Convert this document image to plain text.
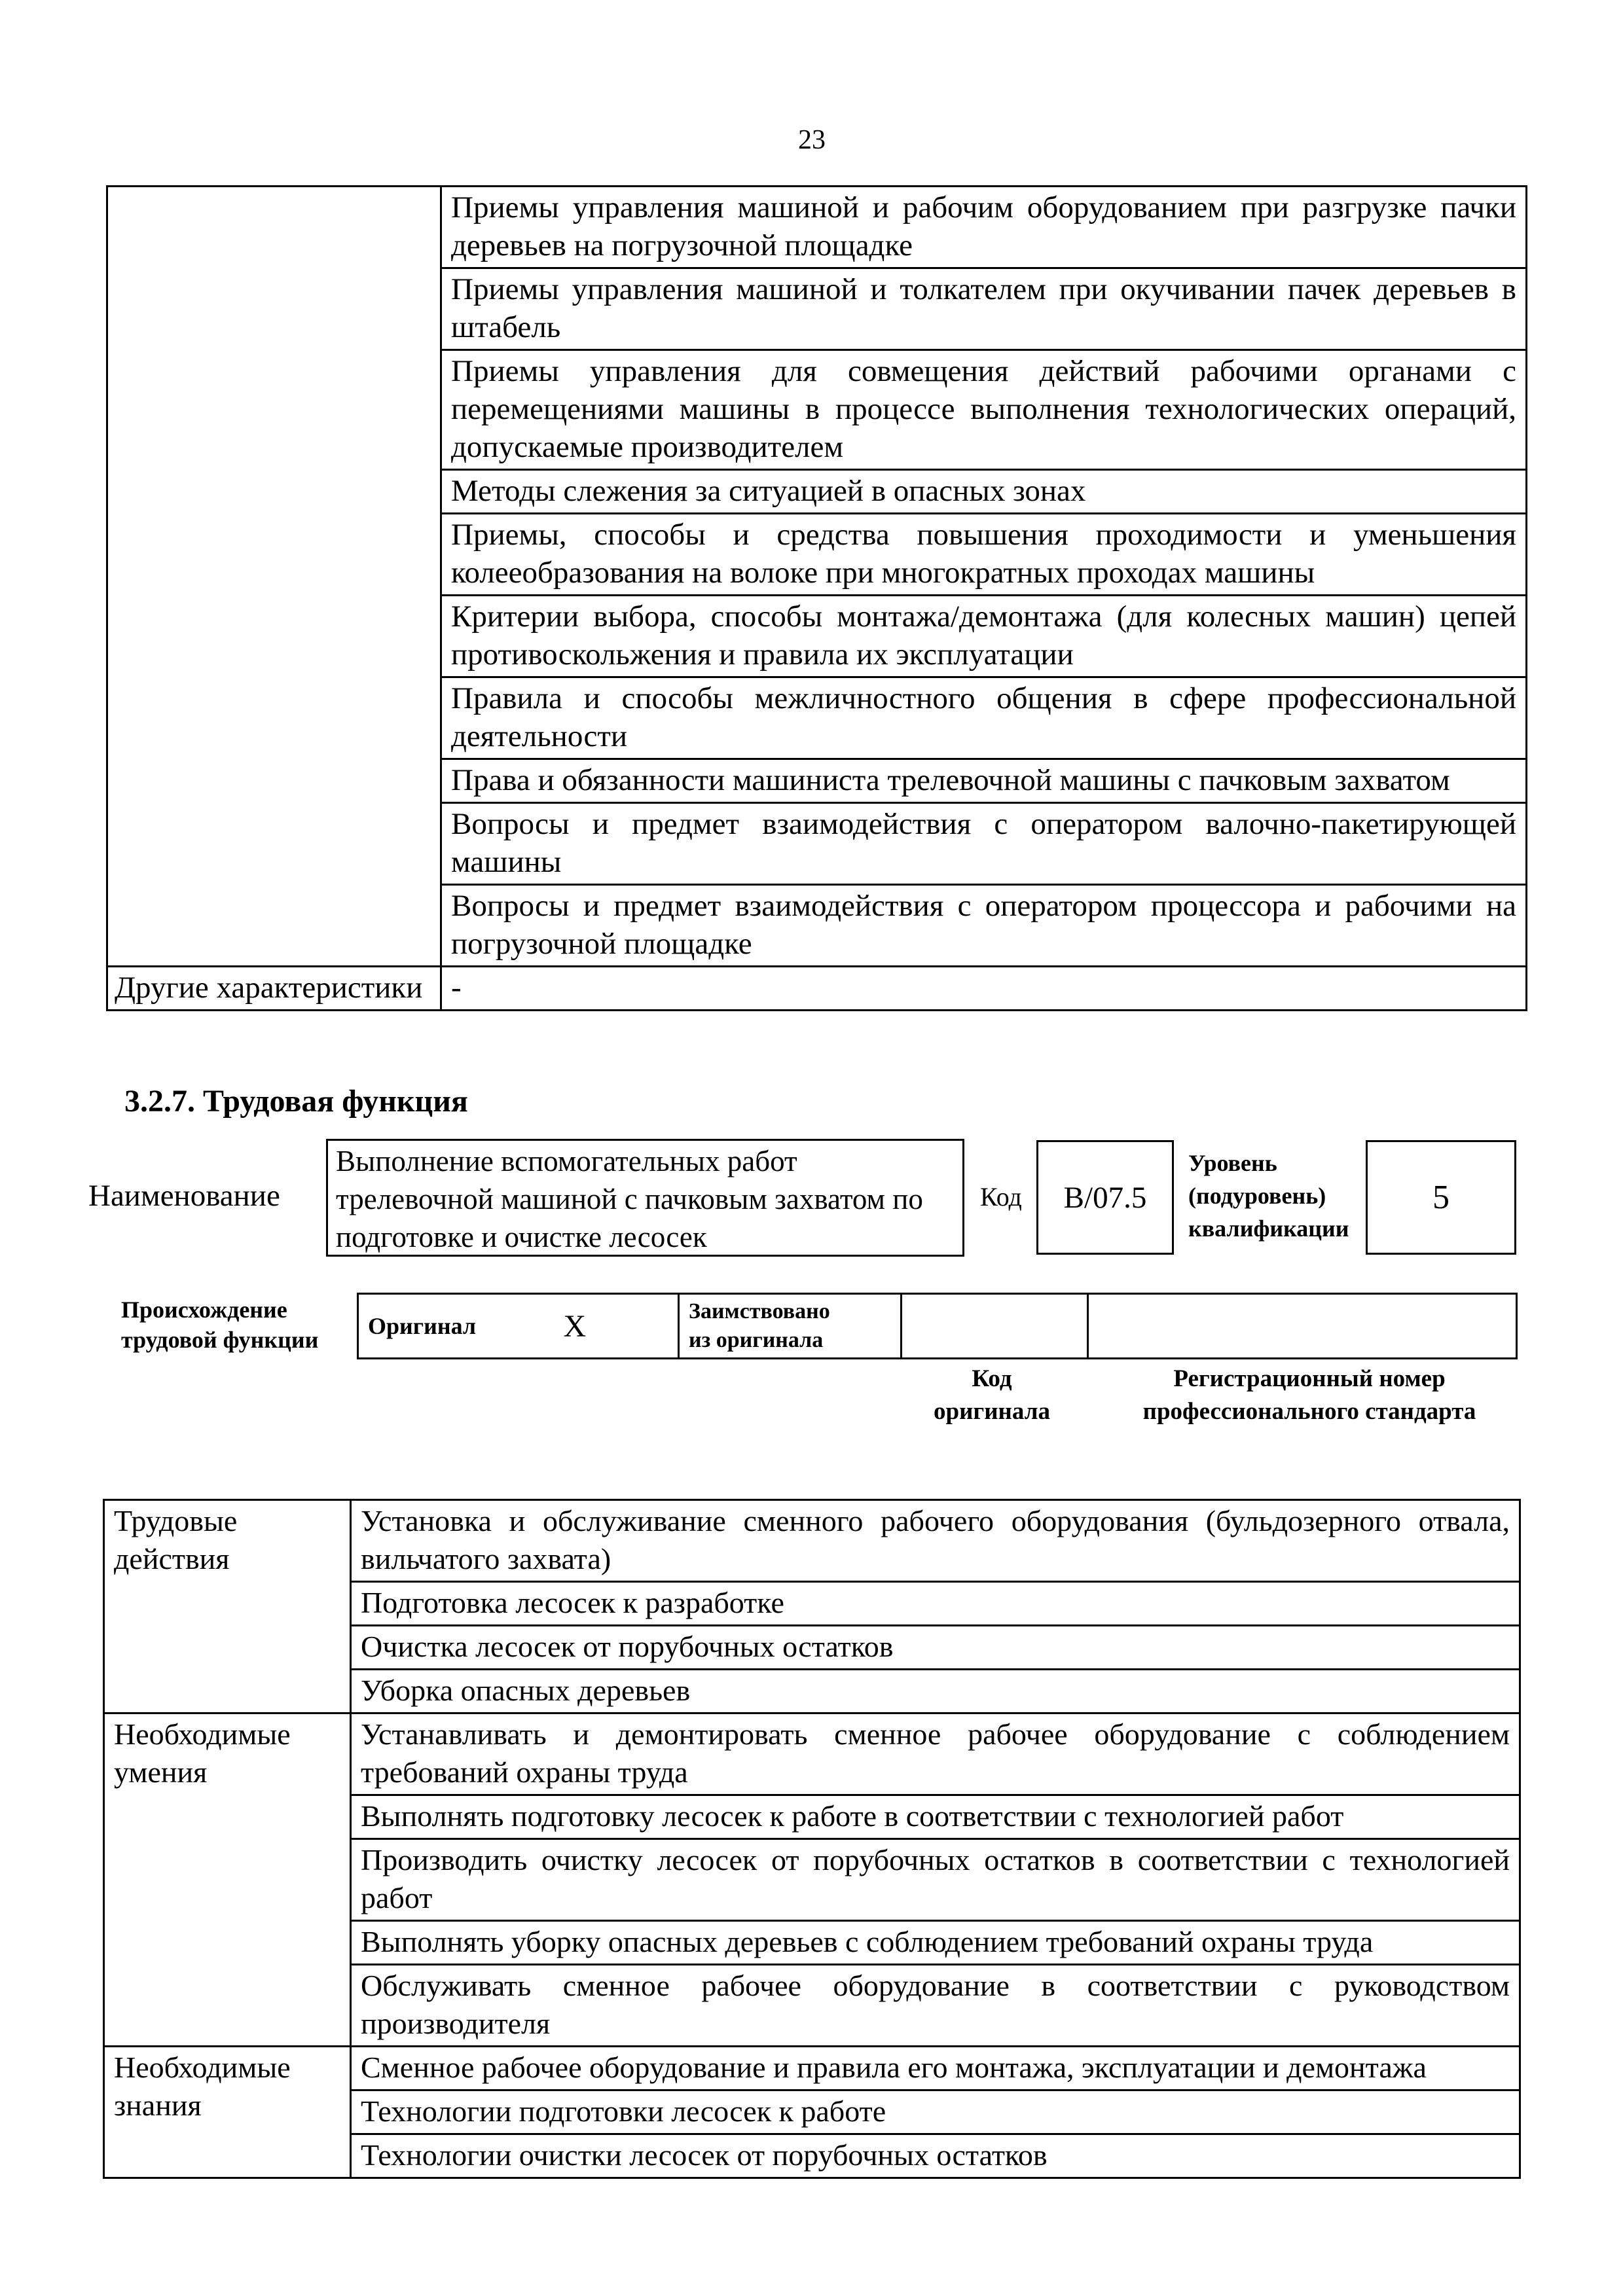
23
	Приемы управления машиной и рабочим оборудованием при разгрузке пачки деревьев на погрузочной площадке
	Приемы управления машиной и толкателем при окучивании пачек деревьев в штабель
	Приемы управления для совмещения действий рабочими органами с перемещениями машины в процессе выполнения технологических операций, допускаемые производителем
	Методы слежения за ситуацией в опасных зонах
	Приемы, способы и средства повышения проходимости и уменьшения колееобразования на волоке при многократных проходах машины
	Критерии выбора, способы монтажа/демонтажа (для колесных машин) цепей противоскольжения и правила их эксплуатации
	Правила и способы межличностного общения в сфере профессиональной деятельности
	Права и обязанности машиниста трелевочной машины с пачковым захватом
	Вопросы и предмет взаимодействия с оператором валочно-пакетирующей машины
	Вопросы и предмет взаимодействия с оператором процессора и рабочими на погрузочной площадке
Другие характеристики	-
3.2.7. Трудовая функция
Наименование
Выполнение вспомогательных работ трелевочной машиной с пачковым захватом по подготовке и очистке лесосек
Код	B/07.5
Уровень
(подуровень)
квалификации
5
Происхождение
трудовой функции
Оригинал	X	Заимствовано
из оригинала

Код
оригинала
Регистрационный номер
профессионального стандарта
Трудовые действия	Установка и обслуживание сменного рабочего оборудования (бульдозерного отвала, вильчатого захвата)
	Подготовка лесосек к разработке
	Очистка лесосек от порубочных остатков
	Уборка опасных деревьев
Необходимые умения	Устанавливать и демонтировать сменное рабочее оборудование с соблюдением требований охраны труда
	Выполнять подготовку лесосек к работе в соответствии с технологией работ
	Производить очистку лесосек от порубочных остатков в соответствии с технологией работ
	Выполнять уборку опасных деревьев с соблюдением требований охраны труда
	Обслуживать сменное рабочее оборудование в соответствии с руководством производителя
Необходимые знания	Сменное рабочее оборудование и правила его монтажа, эксплуатации и демонтажа
	Технологии подготовки лесосек к работе
	Технологии очистки лесосек от порубочных остатков
